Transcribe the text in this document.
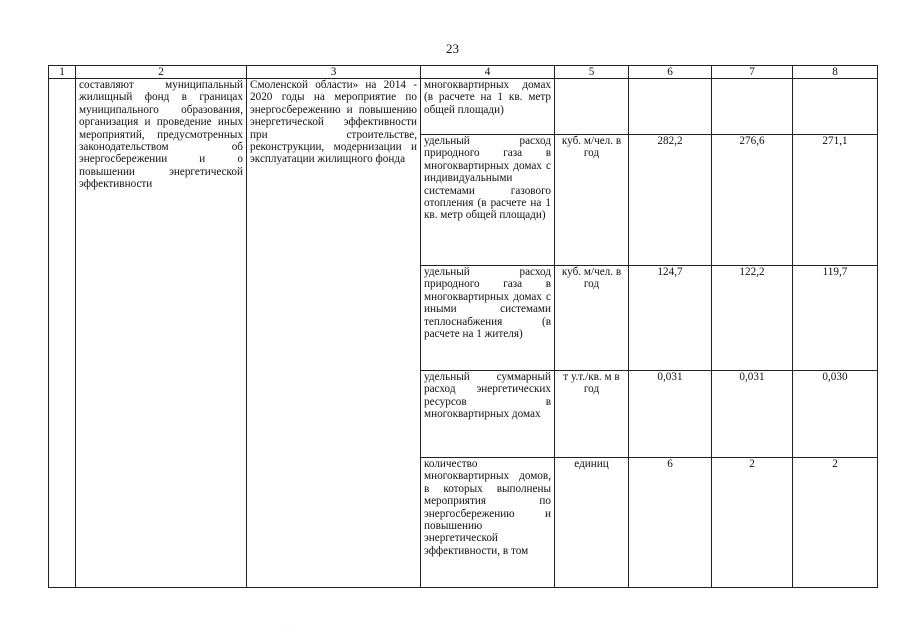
23
1	2	3	4	5	6	7	8
	составляют муниципальный жилищный фонд в границах муниципального образования, организация и проведение иных мероприятий, предусмотренных законодательством об энергосбережении и о повышении энергетической эффективности	Смоленской области» на 2014 - 2020 годы на мероприятие по энергосбережению и повышению энергетической эффективности при строительстве, реконструкции, модернизации и эксплуатации жилищного фонда	многоквартирных домах (в расчете на 1 кв. метр общей площади)				
			удельный расход природного газа в многоквартирных домах с индивидуальными системами газового отопления (в расчете на 1 кв. метр общей площади)	куб. м/чел. в год	282,2	276,6	271,1
			удельный расход природного газа в многоквартирных домах с иными системами теплоснабжения (в расчете на 1 жителя)	куб. м/чел. в год	124,7	122,2	119,7
			удельный суммарный расход энергетических ресурсов в многоквартирных домах	т у.т./кв. м в год	0,031	0,031	0,030
			количество многоквартирных домов, в которых выполнены мероприятия по энергосбережению и повышению энергетической эффективности, в том	единиц	6	2	2
·
